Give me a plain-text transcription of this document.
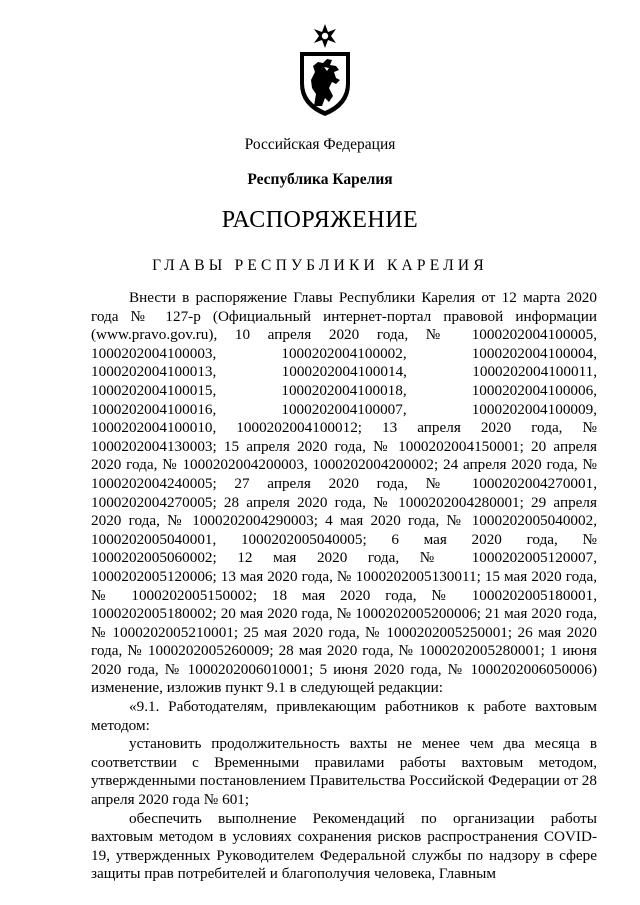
Российская Федерация
Республика Карелия
РАСПОРЯЖЕНИЕ
ГЛАВЫ РЕСПУБЛИКИ КАРЕЛИЯ

Внести в распоряжение Главы Республики Карелия от 12 марта 2020 года № 127-р (Официальный интернет-портал правовой информации (www.pravo.gov.ru), 10 апреля 2020 года, № 1000202004100005, 1000202004100003, 1000202004100002, 1000202004100004, 1000202004100013, 1000202004100014, 1000202004100011, 1000202004100015, 1000202004100018, 1000202004100006, 1000202004100016, 1000202004100007, 1000202004100009, 1000202004100010, 1000202004100012; 13 апреля 2020 года, № 1000202004130003; 15 апреля 2020 года, № 1000202004150001; 20 апреля 2020 года, № 1000202004200003, 1000202004200002; 24 апреля 2020 года, № 1000202004240005; 27 апреля 2020 года, № 1000202004270001, 1000202004270005; 28 апреля 2020 года, № 1000202004280001; 29 апреля 2020 года, № 1000202004290003; 4 мая 2020 года, № 1000202005040002, 1000202005040001, 1000202005040005; 6 мая 2020 года, № 1000202005060002; 12 мая 2020 года, № 1000202005120007, 1000202005120006; 13 мая 2020 года, № 1000202005130011; 15 мая 2020 года, № 1000202005150002; 18 мая 2020 года, № 1000202005180001, 1000202005180002; 20 мая 2020 года, № 1000202005200006; 21 мая 2020 года, № 1000202005210001; 25 мая 2020 года, № 1000202005250001; 26 мая 2020 года, № 1000202005260009; 28 мая 2020 года, № 1000202005280001; 1 июня 2020 года, № 1000202006010001; 5 июня 2020 года, № 1000202006050006) изменение, изложив пункт 9.1 в следующей редакции:

«9.1. Работодателям, привлекающим работников к работе вахтовым методом:

установить продолжительность вахты не менее чем два месяца в соответствии с Временными правилами работы вахтовым методом, утвержденными постановлением Правительства Российской Федерации от 28 апреля 2020 года № 601;

обеспечить выполнение Рекомендаций по организации работы вахтовым методом в условиях сохранения рисков распространения COVID-19, утвержденных Руководителем Федеральной службы по надзору в сфере защиты прав потребителей и благополучия человека, Главным
